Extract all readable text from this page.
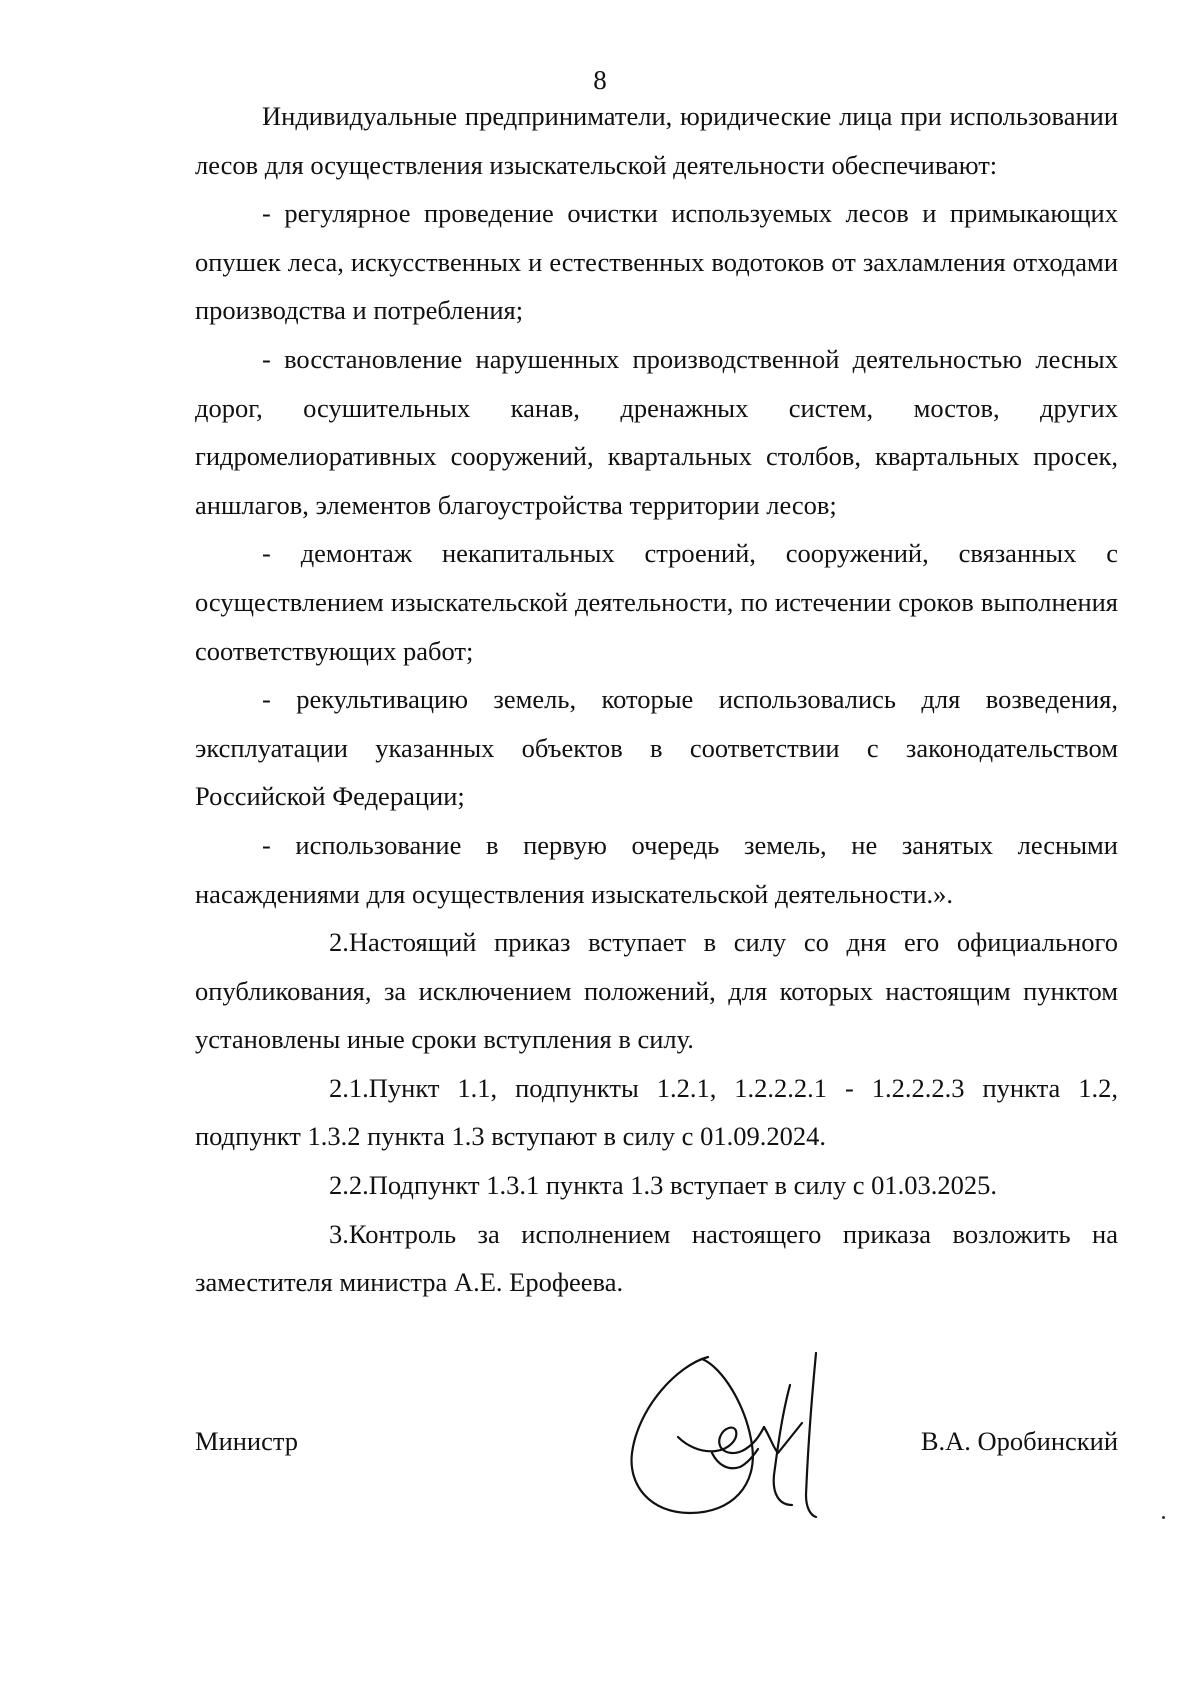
8

Индивидуальные предприниматели, юридические лица при использовании лесов для осуществления изыскательской деятельности обеспечивают:

- регулярное проведение очистки используемых лесов и примыкающих опушек леса, искусственных и естественных водотоков от захламления отходами производства и потребления;

- восстановление нарушенных производственной деятельностью лесных дорог, осушительных канав, дренажных систем, мостов, других гидромелиоративных сооружений, квартальных столбов, квартальных просек, аншлагов, элементов благоустройства территории лесов;

- демонтаж некапитальных строений, сооружений, связанных с осуществлением изыскательской деятельности, по истечении сроков выполнения соответствующих работ;

- рекультивацию земель, которые использовались для возведения, эксплуатации указанных объектов в соответствии с законодательством Российской Федерации;

- использование в первую очередь земель, не занятых лесными насаждениями для осуществления изыскательской деятельности.».

2.Настоящий приказ вступает в силу со дня его официального опубликования, за исключением положений, для которых настоящим пунктом установлены иные сроки вступления в силу.

2.1.Пункт 1.1, подпункты 1.2.1, 1.2.2.2.1 - 1.2.2.2.3 пункта 1.2, подпункт 1.3.2 пункта 1.3 вступают в силу с 01.09.2024.

2.2.Подпункт 1.3.1 пункта 1.3 вступает в силу с 01.03.2025.

3.Контроль за исполнением настоящего приказа возложить на заместителя министра А.Е. Ерофеева.

Министр	В.А. Оробинский
